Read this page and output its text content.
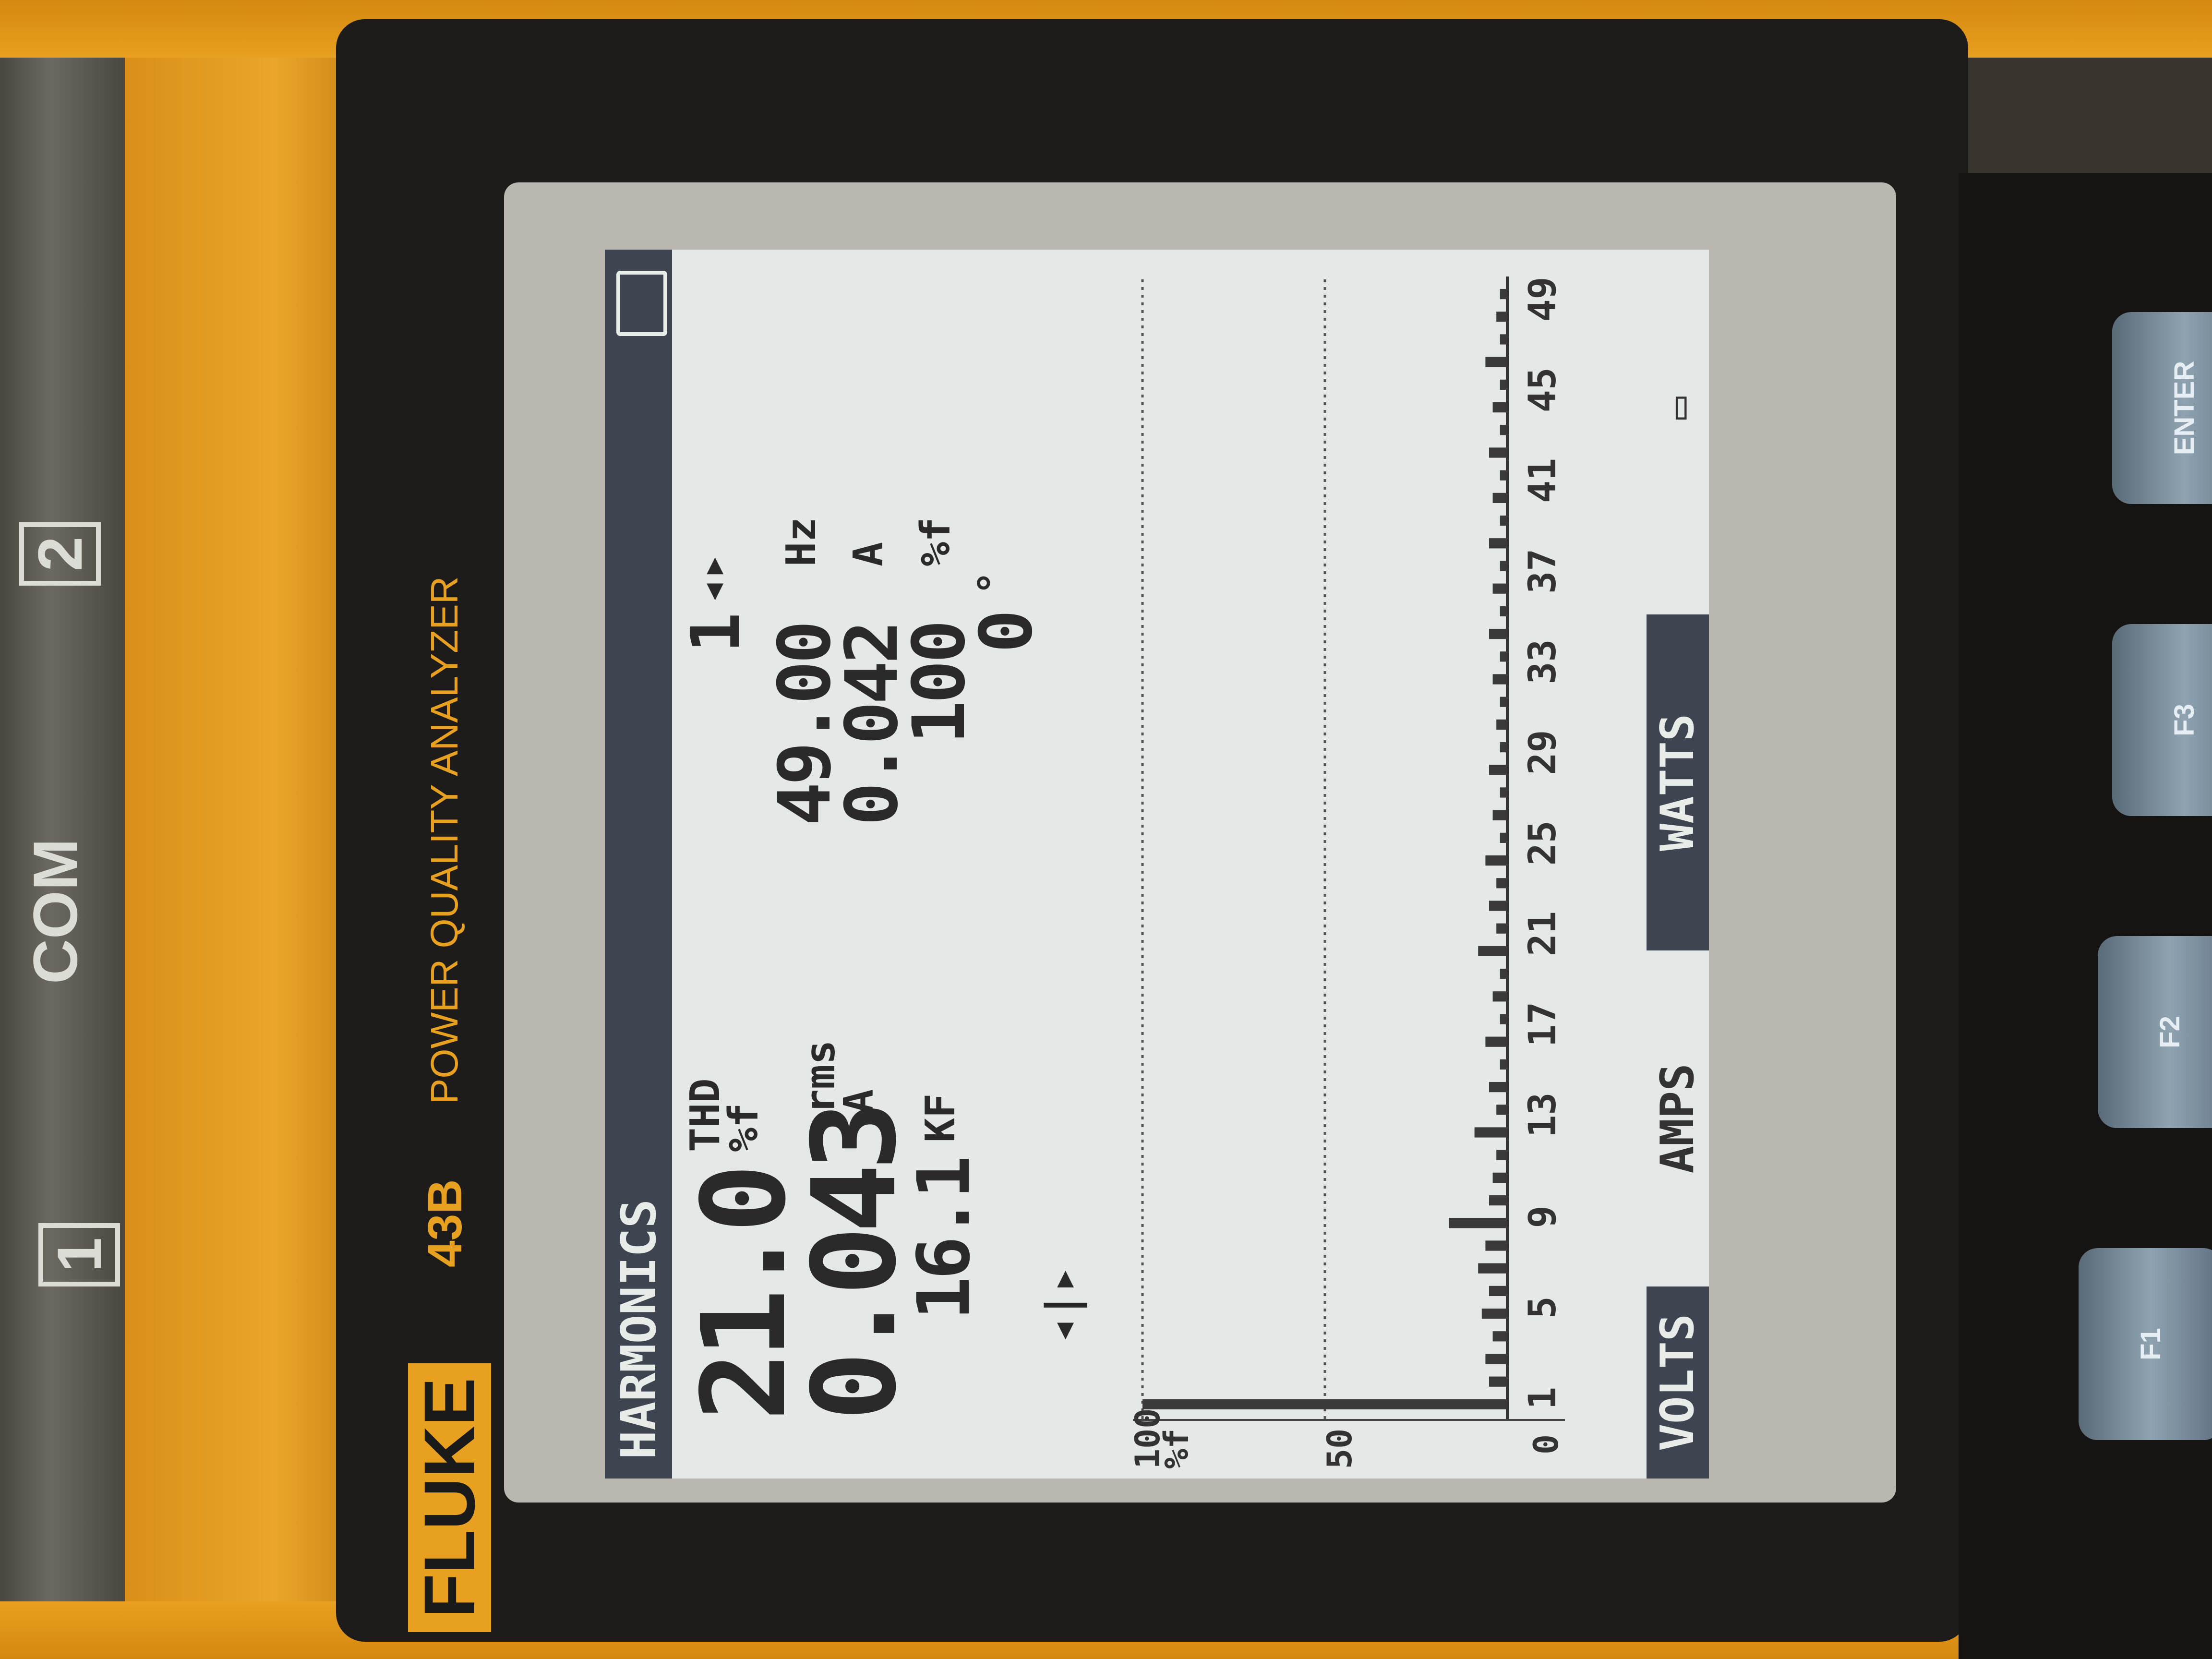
COM
1
2
FLUKE
43B
POWER QUALITY ANALYZER
F1
F2
F3
ENTER
HARMONICS 21.0
THD
%f 0.043
rms
A
16.1
KF
1
◂▸
49.00
Hz
0.042
A
100
%f
0
°
◂|▸
1
5
9
13
17
21
25
29
33
37
41
45
49
100
%f	50	0 VOLTS
AMPS
WATTS
▭
